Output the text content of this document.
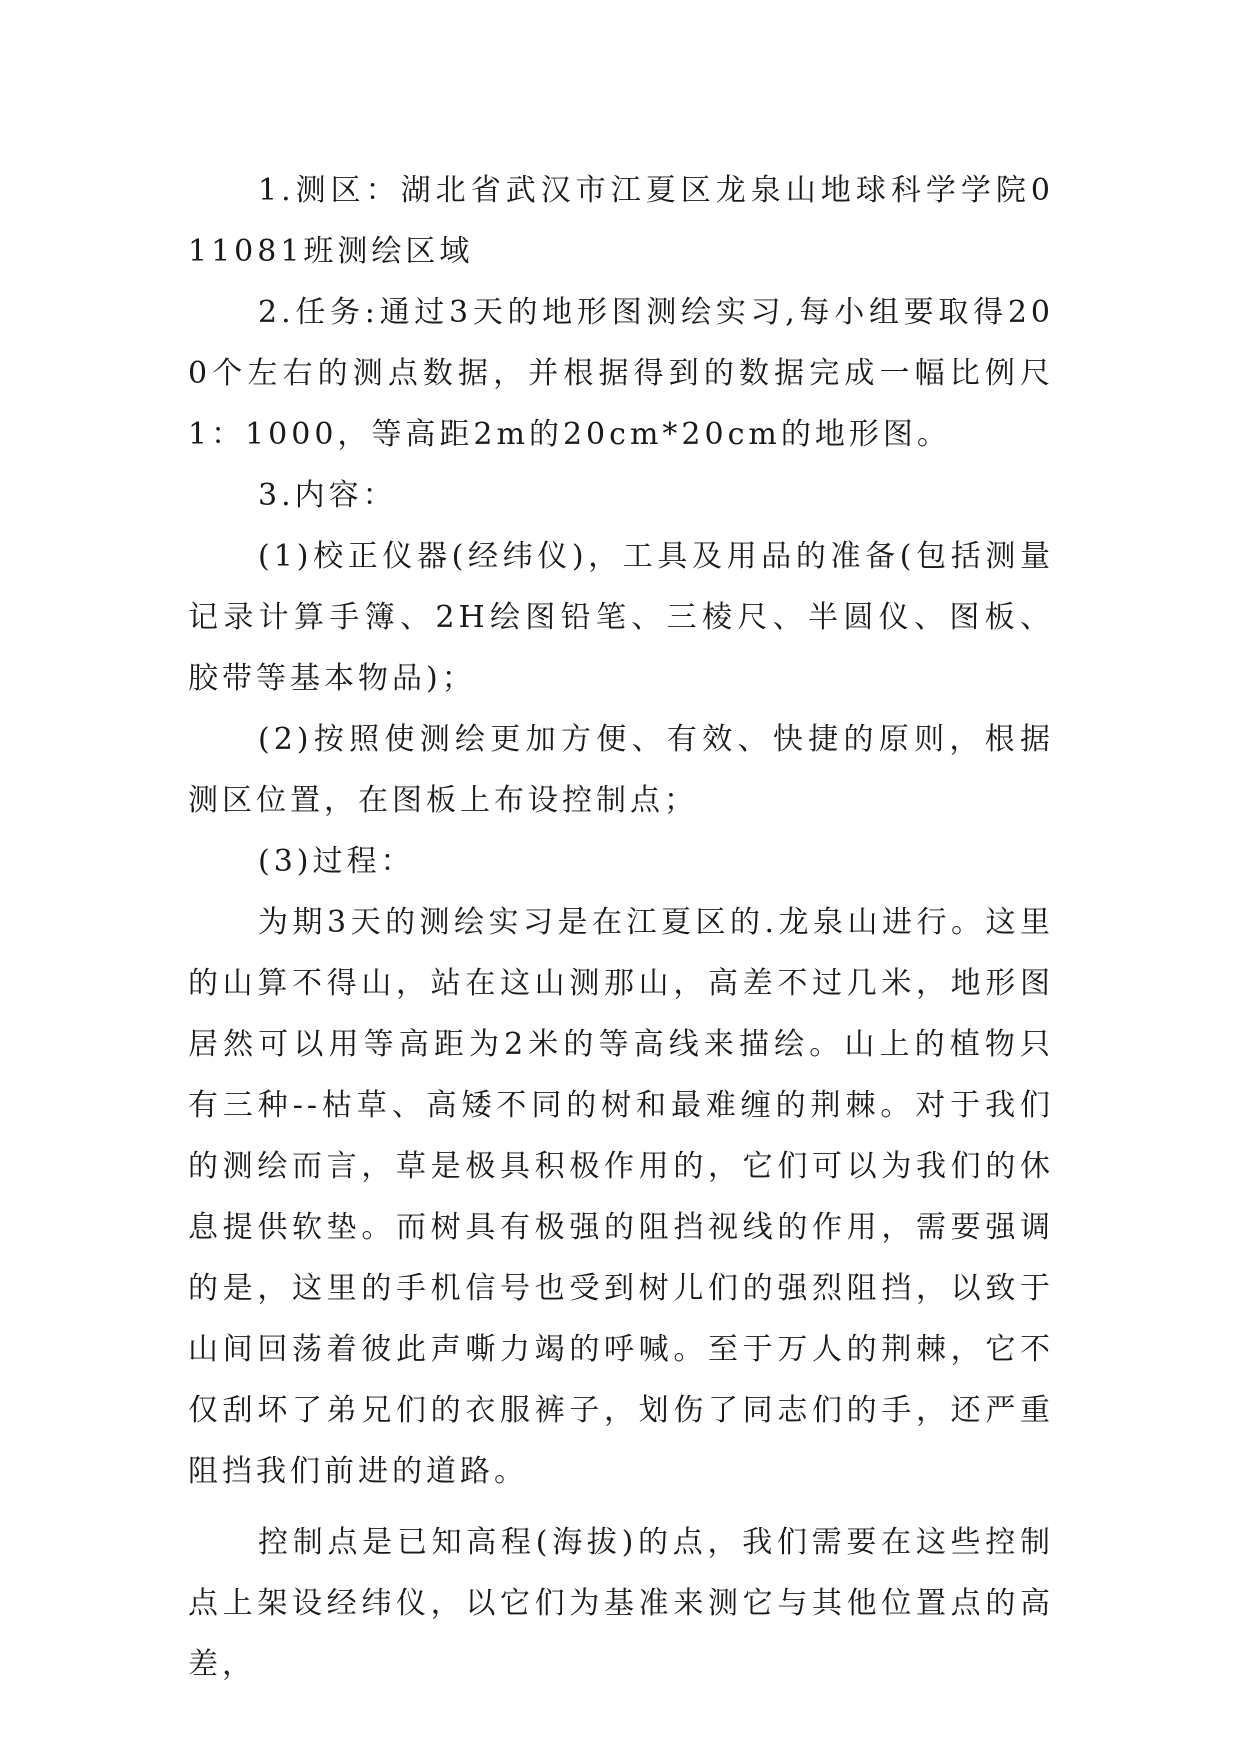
1.测区：湖北省武汉市江夏区龙泉山地球科学学院011081班测绘区域

2.任务:通过3天的地形图测绘实习,每小组要取得200个左右的测点数据，并根据得到的数据完成一幅比例尺1：1000，等高距2m的20cm*20cm的地形图。

3.内容：

(1)校正仪器(经纬仪)，工具及用品的准备(包括测量记录计算手簿、2H绘图铅笔、三棱尺、半圆仪、图板、胶带等基本物品)；

(2)按照使测绘更加方便、有效、快捷的原则，根据测区位置，在图板上布设控制点；

(3)过程：

为期3天的测绘实习是在江夏区的.龙泉山进行。这里的山算不得山，站在这山测那山，高差不过几米，地形图居然可以用等高距为2米的等高线来描绘。山上的植物只有三种--枯草、高矮不同的树和最难缠的荆棘。对于我们的测绘而言，草是极具积极作用的，它们可以为我们的休息提供软垫。而树具有极强的阻挡视线的作用，需要强调的是，这里的手机信号也受到树儿们的强烈阻挡，以致于山间回荡着彼此声嘶力竭的呼喊。至于万人的荆棘，它不仅刮坏了弟兄们的衣服裤子，划伤了同志们的手，还严重阻挡我们前进的道路。

控制点是已知高程(海拔)的点，我们需要在这些控制点上架设经纬仪，以它们为基准来测它与其他位置点的高差，
